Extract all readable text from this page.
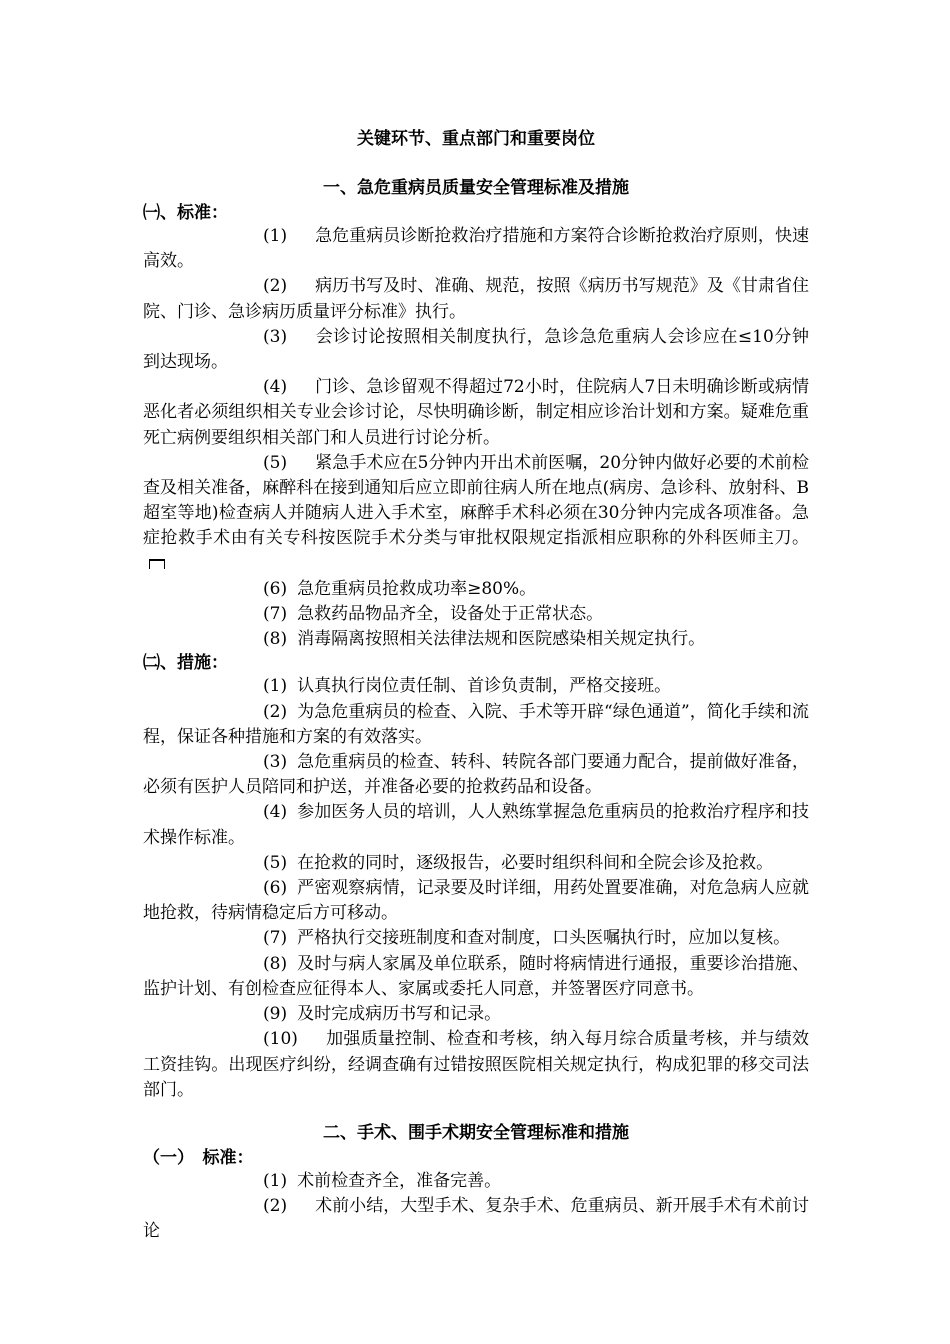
关键环节、重点部门和重要岗位
一、急危重病员质量安全管理标准及措施

㈠、标准：

(1) 急危重病员诊断抢救治疗措施和方案符合诊断抢救治疗原则，快速高效。

(2) 病历书写及时、准确、规范，按照《病历书写规范》及《甘肃省住院、门诊、急诊病历质量评分标准》执行。

(3) 会诊讨论按照相关制度执行，急诊急危重病人会诊应在≤10分钟到达现场。

(4) 门诊、急诊留观不得超过72小时，住院病人7日未明确诊断或病情恶化者必须组织相关专业会诊讨论，尽快明确诊断，制定相应诊治计划和方案。疑难危重死亡病例要组织相关部门和人员进行讨论分析。

(5) 紧急手术应在5分钟内开出术前医嘱，20分钟内做好必要的术前检查及相关准备，麻醉科在接到通知后应立即前往病人所在地点(病房、急诊科、放射科、B超室等地)检查病人并随病人进入手术室，麻醉手术科必须在30分钟内完成各项准备。急症抢救手术由有关专科按医院手术分类与审批权限规定指派相应职称的外科医师主刀。

(6) 急危重病员抢救成功率≥80%。

(7) 急救药品物品齐全，设备处于正常状态。

(8) 消毒隔离按照相关法律法规和医院感染相关规定执行。

㈡、措施：

(1) 认真执行岗位责任制、首诊负责制，严格交接班。

(2) 为急危重病员的检查、入院、手术等开辟“绿色通道”，简化手续和流程，保证各种措施和方案的有效落实。

(3) 急危重病员的检查、转科、转院各部门要通力配合，提前做好准备，必须有医护人员陪同和护送，并准备必要的抢救药品和设备。

(4) 参加医务人员的培训，人人熟练掌握急危重病员的抢救治疗程序和技术操作标准。

(5) 在抢救的同时，逐级报告，必要时组织科间和全院会诊及抢救。

(6) 严密观察病情，记录要及时详细，用药处置要准确，对危急病人应就地抢救，待病情稳定后方可移动。

(7) 严格执行交接班制度和查对制度，口头医嘱执行时，应加以复核。

(8) 及时与病人家属及单位联系，随时将病情进行通报，重要诊治措施、监护计划、有创检查应征得本人、家属或委托人同意，并签署医疗同意书。

(9) 及时完成病历书写和记录。

(10) 加强质量控制、检查和考核，纳入每月综合质量考核，并与绩效工资挂钩。出现医疗纠纷，经调查确有过错按照医院相关规定执行，构成犯罪的移交司法部门。

二、手术、围手术期安全管理标准和措施

（一）　标准：

(1) 术前检查齐全，准备完善。

(2) 术前小结，大型手术、复杂手术、危重病员、新开展手术有术前讨论
